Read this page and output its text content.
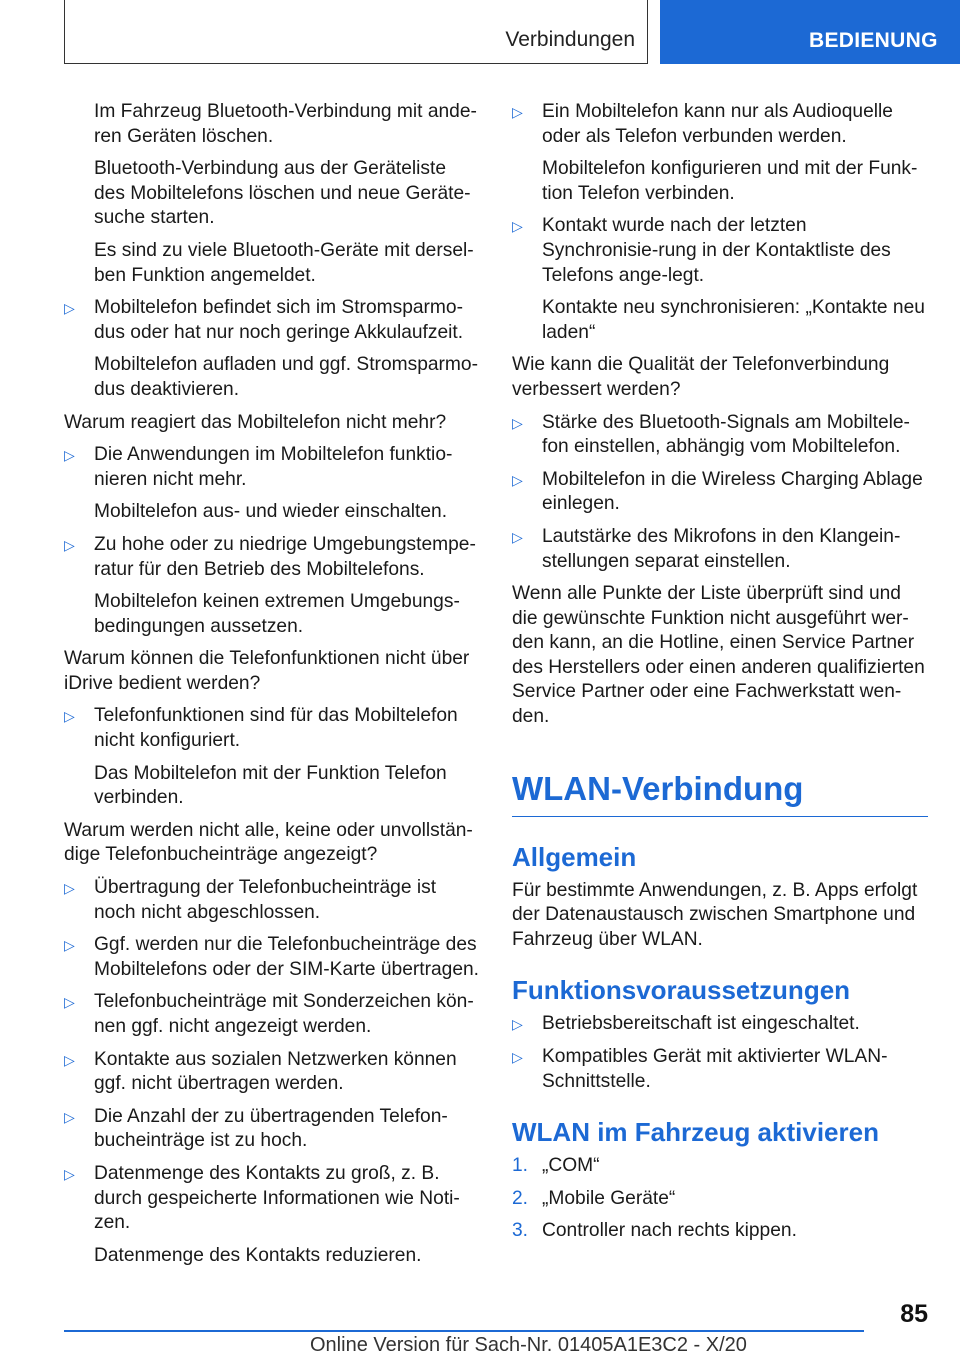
Verbindungen	BEDIENUNG

Im Fahrzeug Bluetooth-Verbindung mit ande-ren Geräten löschen.

Bluetooth-Verbindung aus der Geräteliste des Mobiltelefons löschen und neue Geräte-suche starten.

Es sind zu viele Bluetooth-Geräte mit dersel-ben Funktion angemeldet.

▷ Mobiltelefon befindet sich im Stromsparmo-dus oder hat nur noch geringe Akkulaufzeit.

Mobiltelefon aufladen und ggf. Stromsparmo-dus deaktivieren.

Warum reagiert das Mobiltelefon nicht mehr?

▷ Die Anwendungen im Mobiltelefon funktio-nieren nicht mehr.

Mobiltelefon aus- und wieder einschalten.

▷ Zu hohe oder zu niedrige Umgebungstempe-ratur für den Betrieb des Mobiltelefons.

Mobiltelefon keinen extremen Umgebungs-bedingungen aussetzen.

Warum können die Telefonfunktionen nicht über iDrive bedient werden?

▷ Telefonfunktionen sind für das Mobiltelefon nicht konfiguriert.

Das Mobiltelefon mit der Funktion Telefon verbinden.

Warum werden nicht alle, keine oder unvollstän-dige Telefonbucheinträge angezeigt?

▷ Übertragung der Telefonbucheinträge ist noch nicht abgeschlossen.
▷ Ggf. werden nur die Telefonbucheinträge des Mobiltelefons oder der SIM-Karte übertragen.
▷ Telefonbucheinträge mit Sonderzeichen kön-nen ggf. nicht angezeigt werden.
▷ Kontakte aus sozialen Netzwerken können ggf. nicht übertragen werden.
▷ Die Anzahl der zu übertragenden Telefon-bucheinträge ist zu hoch.
▷ Datenmenge des Kontakts zu groß, z. B. durch gespeicherte Informationen wie Noti-zen.

Datenmenge des Kontakts reduzieren.

▷ Ein Mobiltelefon kann nur als Audioquelle oder als Telefon verbunden werden.

Mobiltelefon konfigurieren und mit der Funk-tion Telefon verbinden.

▷ Kontakt wurde nach der letzten Synchronisie-rung in der Kontaktliste des Telefons ange-legt.

Kontakte neu synchronisieren: „Kontakte neu laden“

Wie kann die Qualität der Telefonverbindung verbessert werden?

▷ Stärke des Bluetooth-Signals am Mobiltele-fon einstellen, abhängig vom Mobiltelefon.
▷ Mobiltelefon in die Wireless Charging Ablage einlegen.
▷ Lautstärke des Mikrofons in den Klangein-stellungen separat einstellen.

Wenn alle Punkte der Liste überprüft sind und die gewünschte Funktion nicht ausgeführt wer-den kann, an die Hotline, einen Service Partner des Herstellers oder einen anderen qualifizierten Service Partner oder eine Fachwerkstatt wen-den.

WLAN-Verbindung
Allgemein

Für bestimmte Anwendungen, z. B. Apps erfolgt der Datenaustausch zwischen Smartphone und Fahrzeug über WLAN.

Funktionsvoraussetzungen
▷ Betriebsbereitschaft ist eingeschaltet.
▷ Kompatibles Gerät mit aktivierter WLAN-Schnittstelle.
WLAN im Fahrzeug aktivieren
1. „COM“
2. „Mobile Geräte“
3. Controller nach rechts kippen.
85
Online Version für Sach-Nr. 01405A1E3C2 - X/20
